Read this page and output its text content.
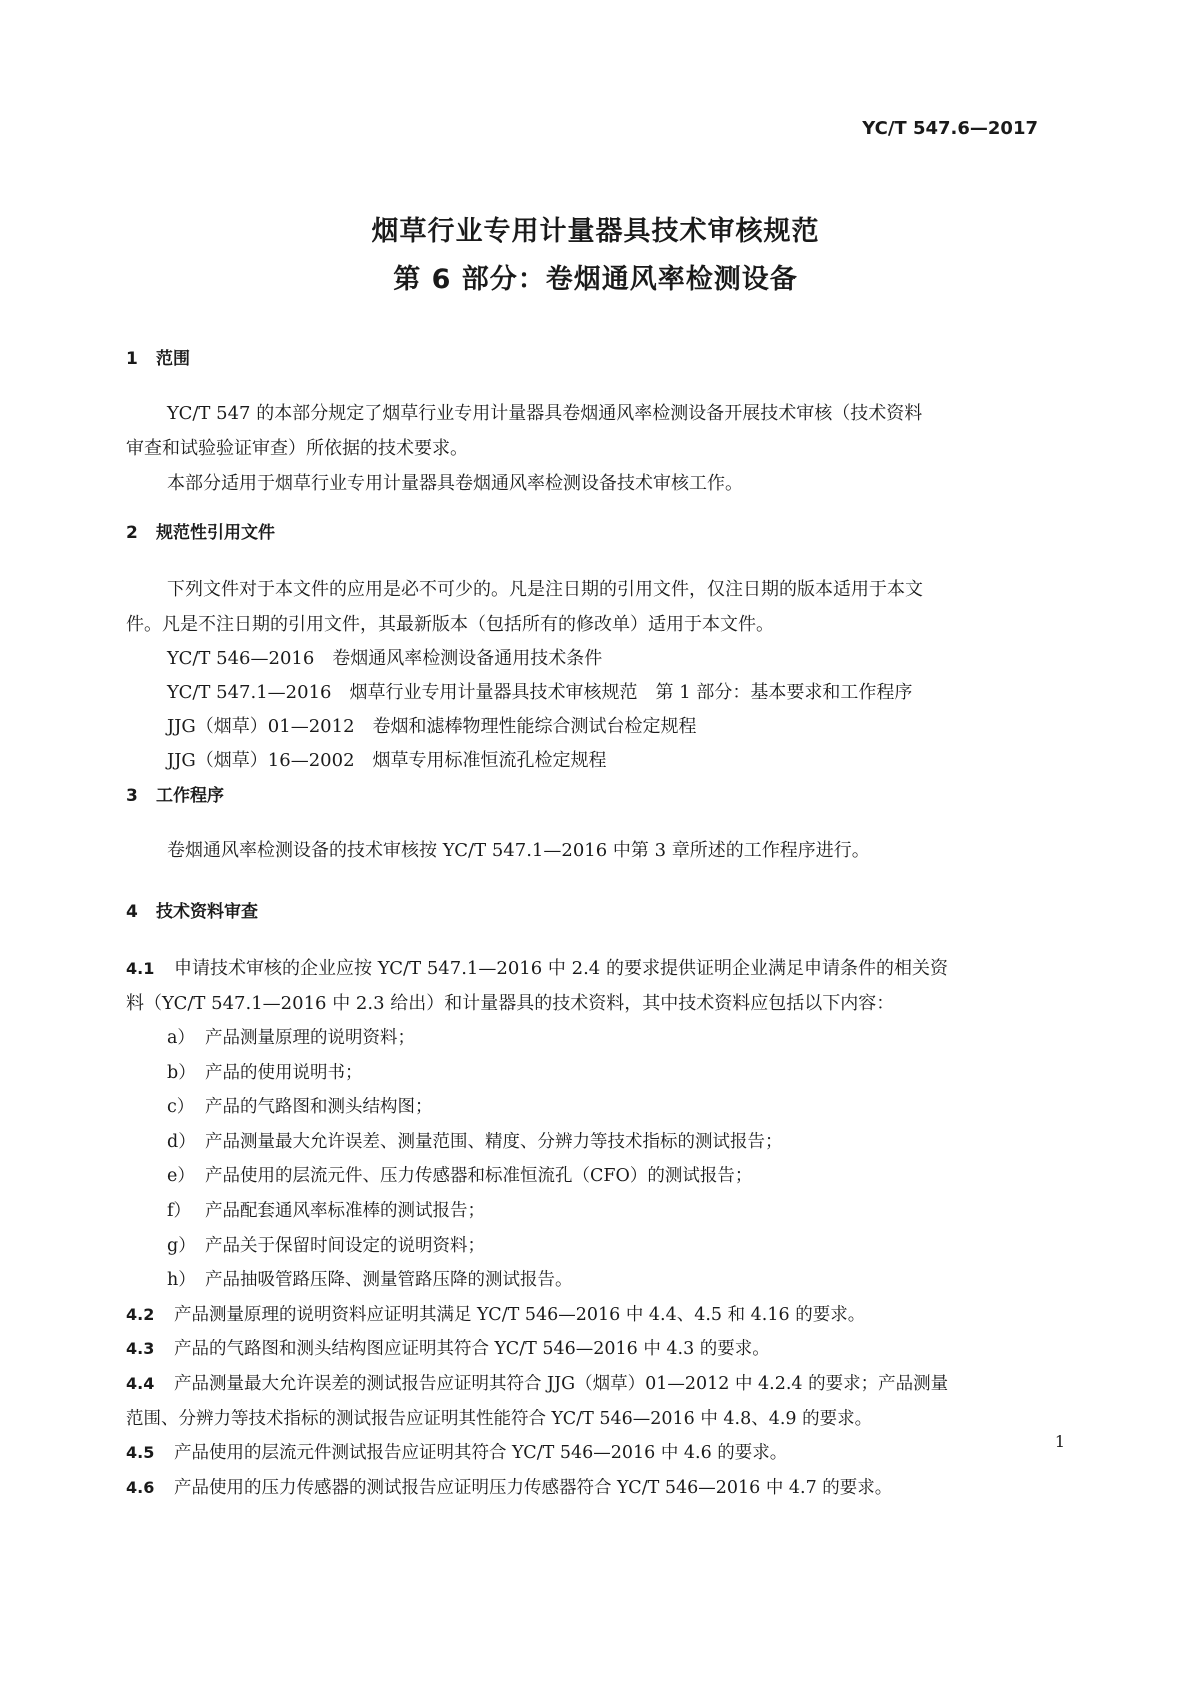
YC/T 547.6—2017
烟草行业专用计量器具技术审核规范
第 6 部分：卷烟通风率检测设备
1 范围

YC/T 547 的本部分规定了烟草行业专用计量器具卷烟通风率检测设备开展技术审核（技术资料
审查和试验验证审查）所依据的技术要求。

本部分适用于烟草行业专用计量器具卷烟通风率检测设备技术审核工作。

2 规范性引用文件

下列文件对于本文件的应用是必不可少的。凡是注日期的引用文件，仅注日期的版本适用于本文
件。凡是不注日期的引用文件，其最新版本（包括所有的修改单）适用于本文件。

YC/T 546—2016 卷烟通风率检测设备通用技术条件
YC/T 547.1—2016 烟草行业专用计量器具技术审核规范　第 1 部分：基本要求和工作程序
JJG（烟草）01—2012 卷烟和滤棒物理性能综合测试台检定规程
JJG（烟草）16—2002 烟草专用标准恒流孔检定规程
3 工作程序

卷烟通风率检测设备的技术审核按 YC/T 547.1—2016 中第 3 章所述的工作程序进行。

4 技术资料审查
4.1 申请技术审核的企业应按 YC/T 547.1—2016 中 2.4 的要求提供证明企业满足申请条件的相关资
料（YC/T 547.1—2016 中 2.3 给出）和计量器具的技术资料，其中技术资料应包括以下内容：
a） 产品测量原理的说明资料；
b） 产品的使用说明书；
c） 产品的气路图和测头结构图；
d） 产品测量最大允许误差、测量范围、精度、分辨力等技术指标的测试报告；
e） 产品使用的层流元件、压力传感器和标准恒流孔（CFO）的测试报告；
f） 产品配套通风率标准棒的测试报告；
g） 产品关于保留时间设定的说明资料；
h） 产品抽吸管路压降、测量管路压降的测试报告。
4.2 产品测量原理的说明资料应证明其满足 YC/T 546—2016 中 4.4、4.5 和 4.16 的要求。
4.3 产品的气路图和测头结构图应证明其符合 YC/T 546—2016 中 4.3 的要求。
4.4 产品测量最大允许误差的测试报告应证明其符合 JJG（烟草）01—2012 中 4.2.4 的要求；产品测量
范围、分辨力等技术指标的测试报告应证明其性能符合 YC/T 546—2016 中 4.8、4.9 的要求。
4.5 产品使用的层流元件测试报告应证明其符合 YC/T 546—2016 中 4.6 的要求。
4.6 产品使用的压力传感器的测试报告应证明压力传感器符合 YC/T 546—2016 中 4.7 的要求。
1
